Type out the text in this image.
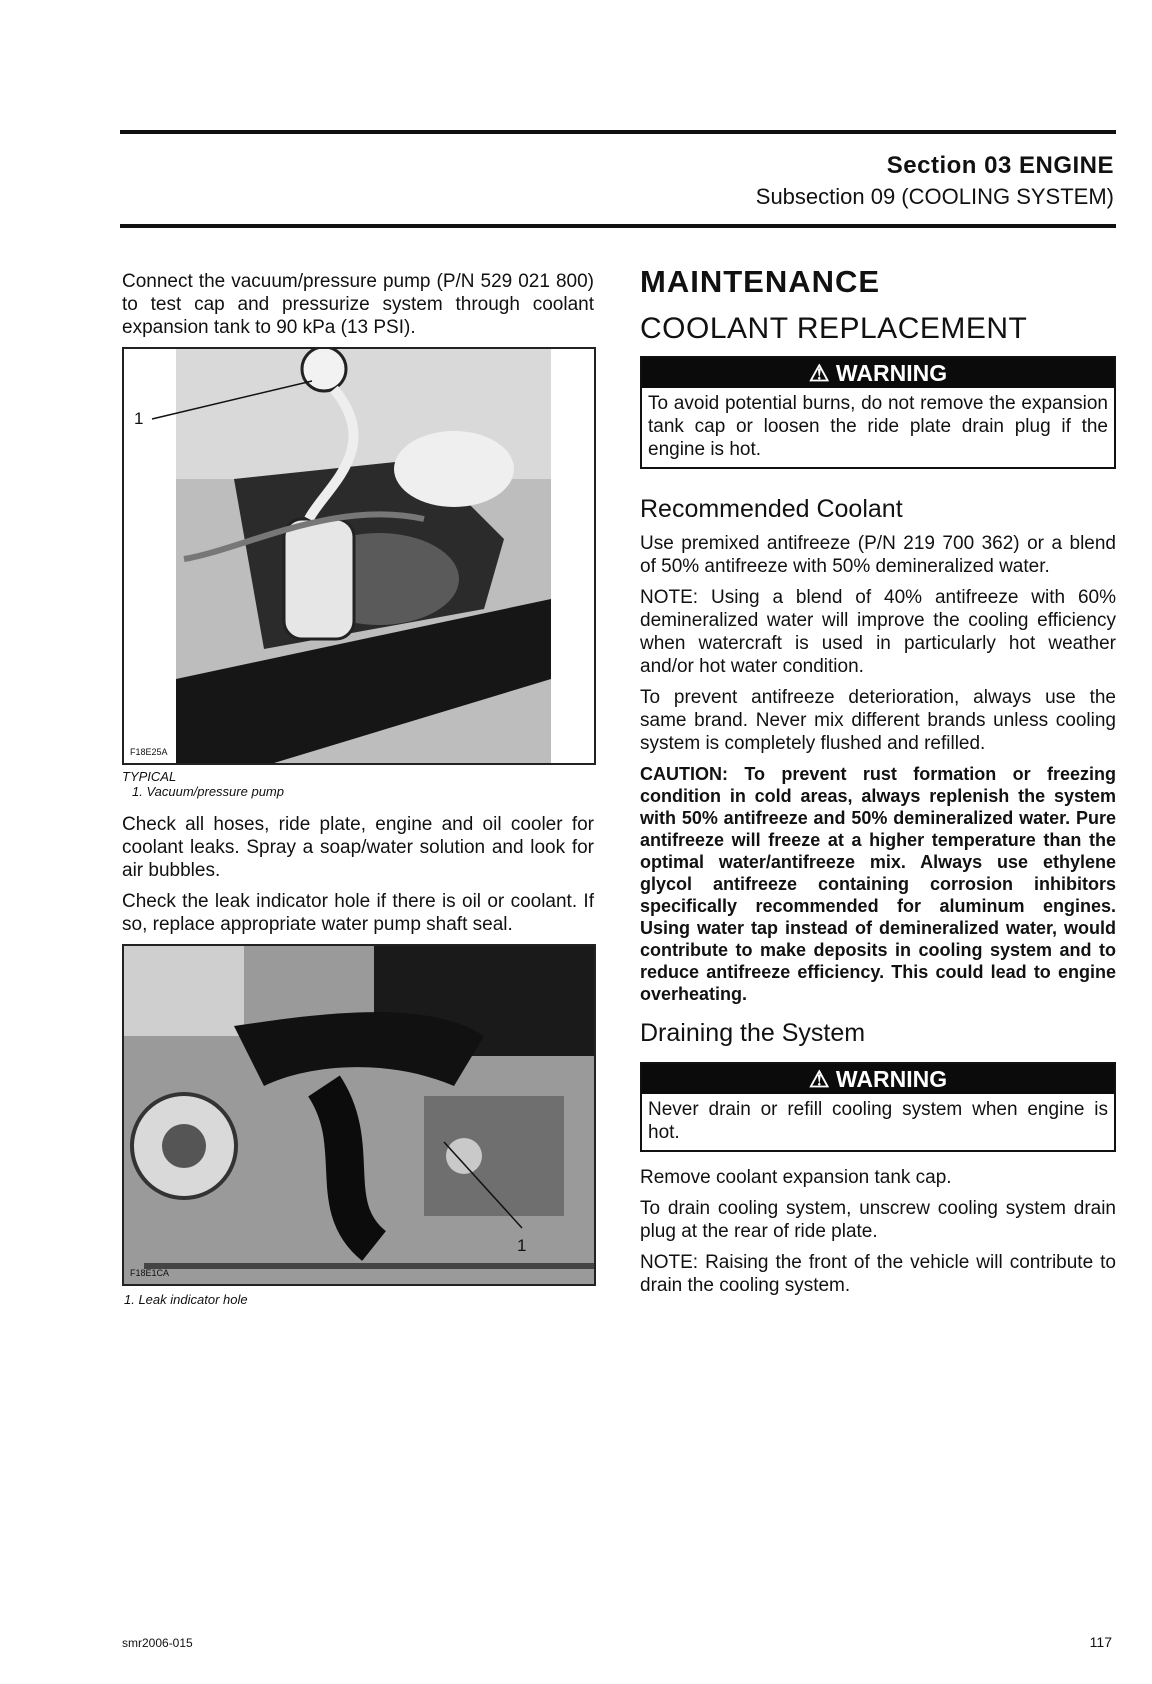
Section 03 ENGINE
Subsection 09 (COOLING SYSTEM)

Connect the vacuum/pressure pump (P/N 529 021 800) to test cap and pressurize system through coolant expansion tank to 90 kPa (13 PSI).

1
F18E25A

TYPICAL

1. Vacuum/pressure pump

Check all hoses, ride plate, engine and oil cooler for coolant leaks. Spray a soap/water solution and look for air bubbles.

Check the leak indicator hole if there is oil or coolant. If so, replace appropriate water pump shaft seal.

1
F18E1CA

1. Leak indicator hole

MAINTENANCE
COOLANT REPLACEMENT
⚠ WARNING
To avoid potential burns, do not remove the expansion tank cap or loosen the ride plate drain plug if the engine is hot.
Recommended Coolant

Use premixed antifreeze (P/N 219 700 362) or a blend of 50% antifreeze with 50% demineralized water.

NOTE: Using a blend of 40% antifreeze with 60% demineralized water will improve the cooling efficiency when watercraft is used in particularly hot weather and/or hot water condition.

To prevent antifreeze deterioration, always use the same brand. Never mix different brands unless cooling system is completely flushed and refilled.

CAUTION: To prevent rust formation or freezing condition in cold areas, always replenish the system with 50% antifreeze and 50% demineralized water. Pure antifreeze will freeze at a higher temperature than the optimal water/antifreeze mix. Always use ethylene glycol antifreeze containing corrosion inhibitors specifically recommended for aluminum engines. Using water tap instead of demineralized water, would contribute to make deposits in cooling system and to reduce antifreeze efficiency. This could lead to engine overheating.

Draining the System
⚠ WARNING
Never drain or refill cooling system when engine is hot.

Remove coolant expansion tank cap.

To drain cooling system, unscrew cooling system drain plug at the rear of ride plate.

NOTE: Raising the front of the vehicle will contribute to drain the cooling system.

smr2006-015	117
